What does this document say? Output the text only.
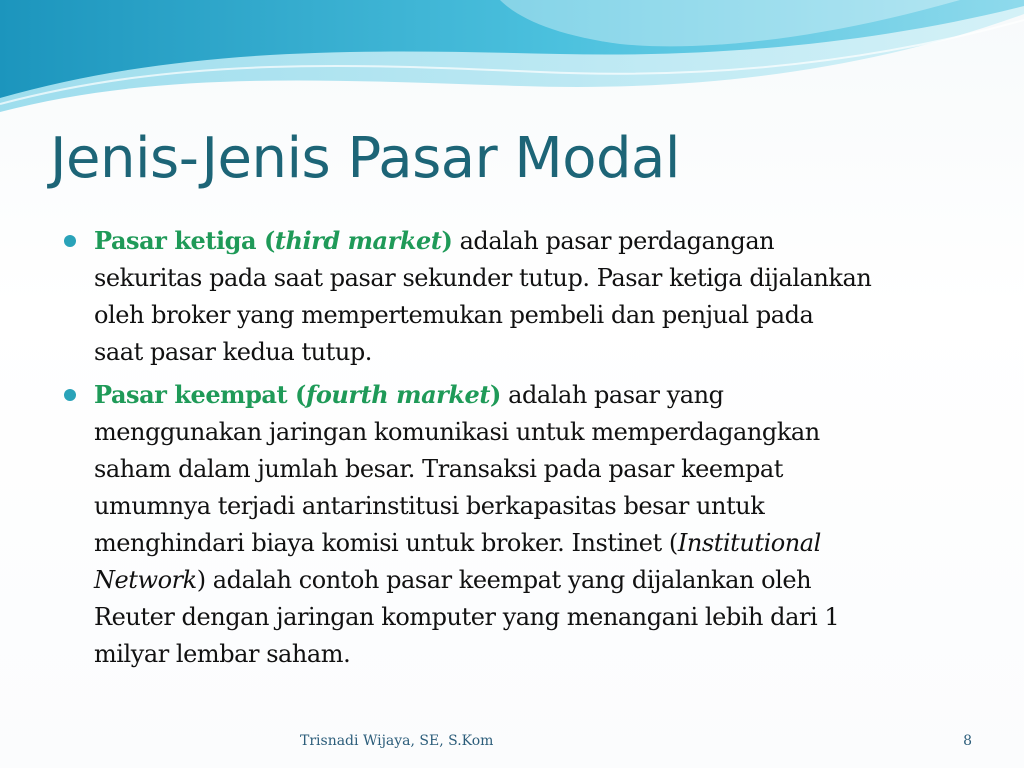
Jenis-Jenis Pasar Modal
Pasar ketiga (third market) adalah pasar perdagangan
sekuritas pada saat pasar sekunder tutup. Pasar ketiga dijalankan
oleh broker yang mempertemukan pembeli dan penjual pada
saat pasar kedua tutup.
Pasar keempat (fourth market) adalah pasar yang
menggunakan jaringan komunikasi untuk memperdagangkan
saham dalam jumlah besar. Transaksi pada pasar keempat
umumnya terjadi antarinstitusi berkapasitas besar untuk
menghindari biaya komisi untuk broker. Instinet (Institutional
Network) adalah contoh pasar keempat yang dijalankan oleh
Reuter dengan jaringan komputer yang menangani lebih dari 1
milyar lembar saham.
Trisnadi Wijaya, SE, S.Kom	8
